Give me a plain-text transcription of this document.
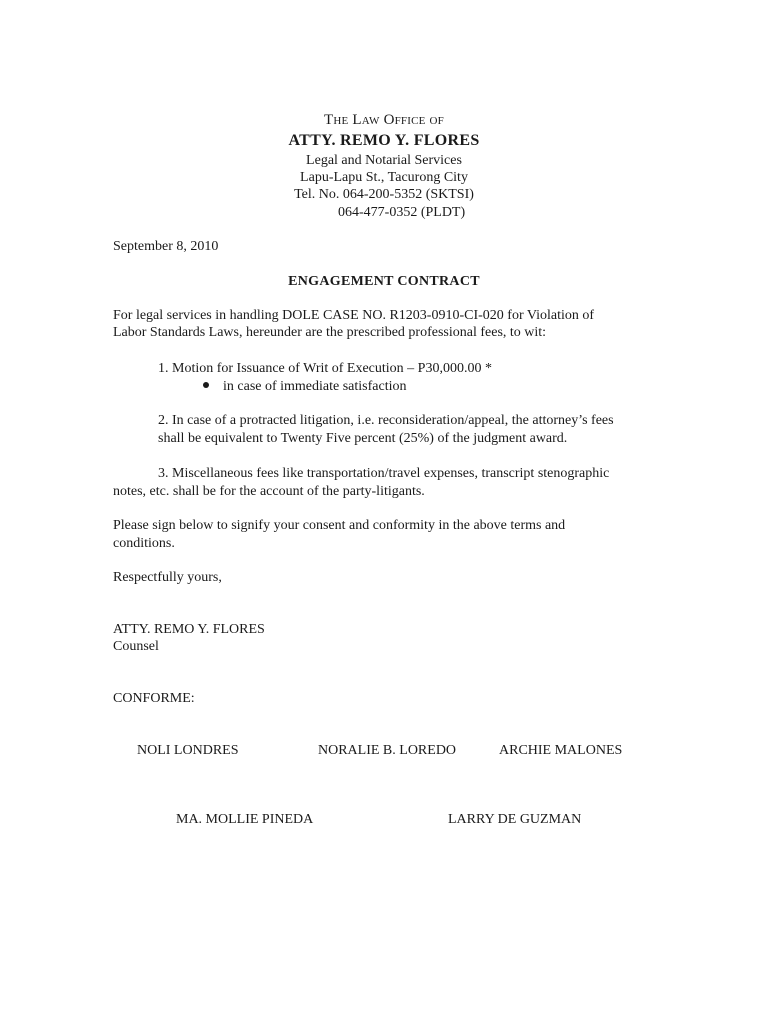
The Law Office of
ATTY. REMO Y. FLORES
Legal and Notarial Services
Lapu-Lapu St., Tacurong City
Tel. No. 064-200-5352 (SKTSI)
064-477-0352 (PLDT)
September 8, 2010
ENGAGEMENT CONTRACT
For legal services in handling DOLE CASE NO. R1203-0910-CI-020 for Violation of
Labor Standards Laws, hereunder are the prescribed professional fees, to wit:
1. Motion for Issuance of Writ of Execution – P30,000.00 *
in case of immediate satisfaction
2. In case of a protracted litigation, i.e. reconsideration/appeal, the attorney’s fees
shall be equivalent to Twenty Five percent (25%) of the judgment award.
3. Miscellaneous fees like transportation/travel expenses, transcript stenographic
notes, etc. shall be for the account of the party-litigants.
Please sign below to signify your consent and conformity in the above terms and
conditions.
Respectfully yours,
ATTY. REMO Y. FLORES
Counsel
CONFORME:
NOLI LONDRES	NORALIE B. LOREDO	ARCHIE MALONES
MA. MOLLIE PINEDA	LARRY DE GUZMAN
